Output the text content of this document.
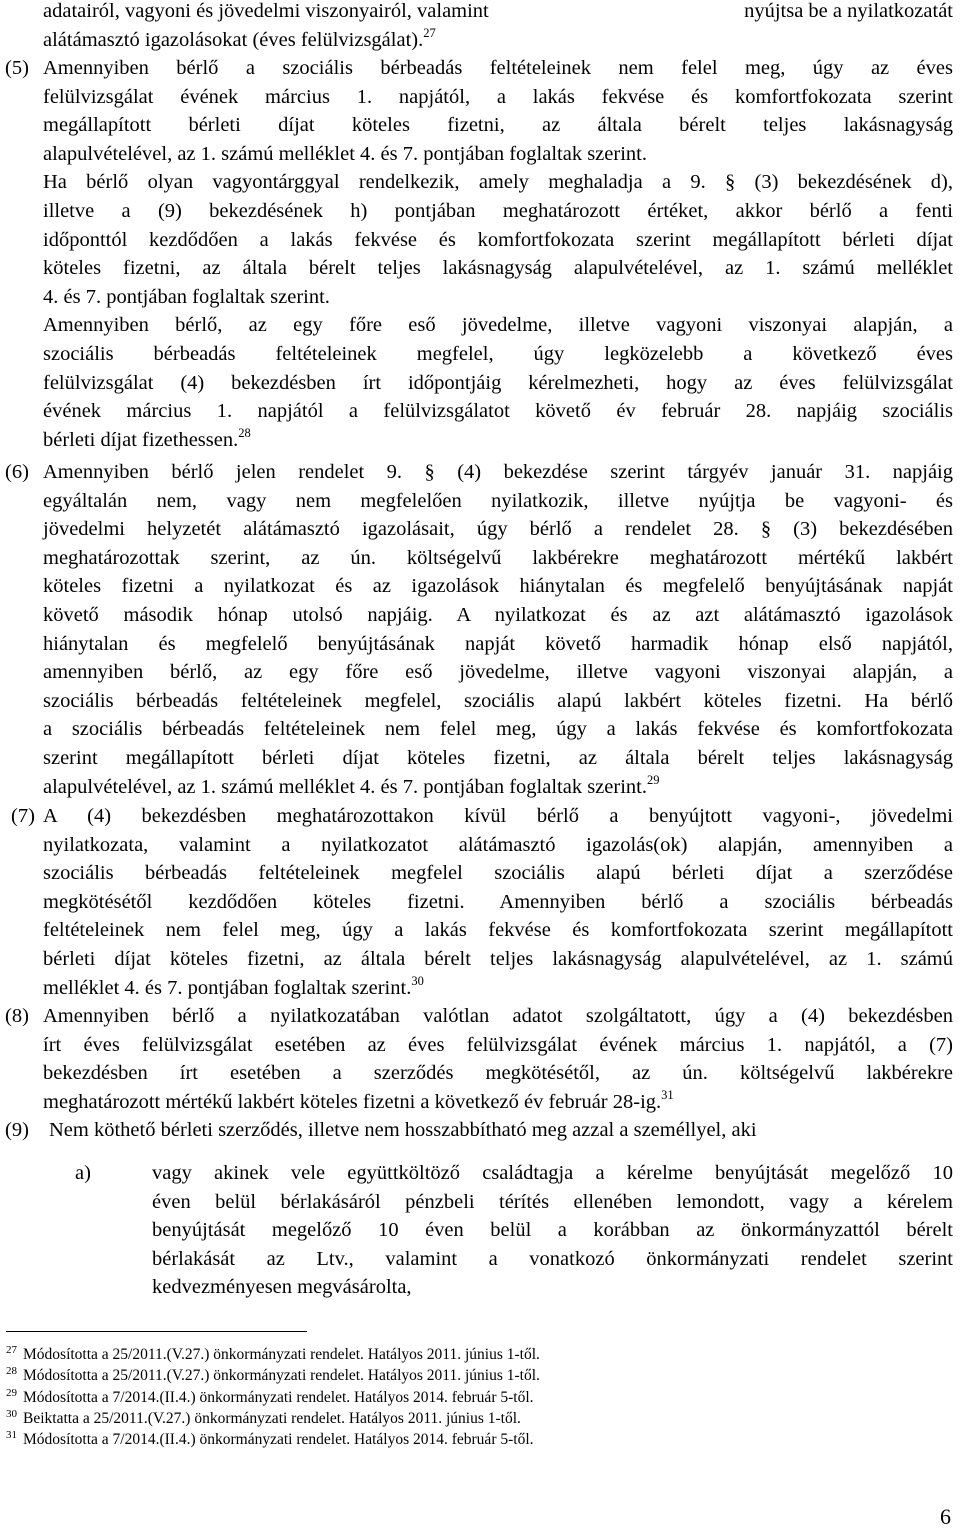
adatairól, vagyoni és jövedelmi viszonyairól, valamint	nyújtsa be a nyilatkozatát
alátámasztó igazolásokat (éves felülvizsgálat).$^{27}$
(5) Amennyiben bérlő a szociális bérbeadás feltételeinek nem felel meg, úgy az éves
felülvizsgálat évének március 1. napjától, a lakás fekvése és komfortfokozata szerint
megállapított bérleti díjat köteles fizetni, az általa bérelt teljes lakásnagyság
alapulvételével, az 1. számú melléklet 4. és 7. pontjában foglaltak szerint.
Ha bérlő olyan vagyontárggyal rendelkezik, amely meghaladja a 9. § (3) bekezdésének d),
illetve a (9) bekezdésének h) pontjában meghatározott értéket, akkor bérlő a fenti
időponttól kezdődően a lakás fekvése és komfortfokozata szerint megállapított bérleti díjat
köteles fizetni, az általa bérelt teljes lakásnagyság alapulvételével, az 1. számú melléklet
4. és 7. pontjában foglaltak szerint.
Amennyiben bérlő, az egy főre eső jövedelme, illetve vagyoni viszonyai alapján, a
szociális bérbeadás feltételeinek megfelel, úgy legközelebb a következő éves
felülvizsgálat (4) bekezdésben írt időpontjáig kérelmezheti, hogy az éves felülvizsgálat
évének március 1. napjától a felülvizsgálatot követő év február 28. napjáig szociális
bérleti díjat fizethessen.$^{28}$
(6) Amennyiben bérlő jelen rendelet 9. § (4) bekezdése szerint tárgyév január 31. napjáig
egyáltalán nem, vagy nem megfelelően nyilatkozik, illetve nyújtja be vagyoni- és
jövedelmi helyzetét alátámasztó igazolásait, úgy bérlő a rendelet 28. § (3) bekezdésében
meghatározottak szerint, az ún. költségelvű lakbérekre meghatározott mértékű lakbért
köteles fizetni a nyilatkozat és az igazolások hiánytalan és megfelelő benyújtásának napját
követő második hónap utolsó napjáig. A nyilatkozat és az azt alátámasztó igazolások
hiánytalan és megfelelő benyújtásának napját követő harmadik hónap első napjától,
amennyiben bérlő, az egy főre eső jövedelme, illetve vagyoni viszonyai alapján, a
szociális bérbeadás feltételeinek megfelel, szociális alapú lakbért köteles fizetni. Ha bérlő
a szociális bérbeadás feltételeinek nem felel meg, úgy a lakás fekvése és komfortfokozata
szerint megállapított bérleti díjat köteles fizetni, az általa bérelt teljes lakásnagyság
alapulvételével, az 1. számú melléklet 4. és 7. pontjában foglaltak szerint.$^{29}$
(7) A (4) bekezdésben meghatározottakon kívül bérlő a benyújtott vagyoni-, jövedelmi
nyilatkozata, valamint a nyilatkozatot alátámasztó igazolás(ok) alapján, amennyiben a
szociális bérbeadás feltételeinek megfelel szociális alapú bérleti díjat a szerződése
megkötésétől kezdődően köteles fizetni. Amennyiben bérlő a szociális bérbeadás
feltételeinek nem felel meg, úgy a lakás fekvése és komfortfokozata szerint megállapított
bérleti díjat köteles fizetni, az általa bérelt teljes lakásnagyság alapulvételével, az 1. számú
melléklet 4. és 7. pontjában foglaltak szerint.$^{30}$
(8) Amennyiben bérlő a nyilatkozatában valótlan adatot szolgáltatott, úgy a (4) bekezdésben
írt éves felülvizsgálat esetében az éves felülvizsgálat évének március 1. napjától, a (7)
bekezdésben írt esetében a szerződés megkötésétől, az ún. költségelvű lakbérekre
meghatározott mértékű lakbért köteles fizetni a következő év február 28-ig.$^{31}$
(9) Nem köthető bérleti szerződés, illetve nem hosszabbítható meg azzal a személlyel, aki
a)	vagy akinek vele együttköltöző családtagja a kérelme benyújtását megelőző 10
éven belül bérlakásáról pénzbeli térítés ellenében lemondott, vagy a kérelem
benyújtását megelőző 10 éven belül a korábban az önkormányzattól bérelt
bérlakását az Ltv., valamint a vonatkozó önkormányzati rendelet szerint
kedvezményesen megvásárolta,
$^{27}$ Módosította a 25/2011.(V.27.) önkormányzati rendelet. Hatályos 2011. június 1-től.
$^{28}$ Módosította a 25/2011.(V.27.) önkormányzati rendelet. Hatályos 2011. június 1-től.
$^{29}$ Módosította a 7/2014.(II.4.) önkormányzati rendelet. Hatályos 2014. február 5-től.
$^{30}$ Beiktatta a 25/2011.(V.27.) önkormányzati rendelet. Hatályos 2011. június 1-től.
$^{31}$ Módosította a 7/2014.(II.4.) önkormányzati rendelet. Hatályos 2014. február 5-től.
6
